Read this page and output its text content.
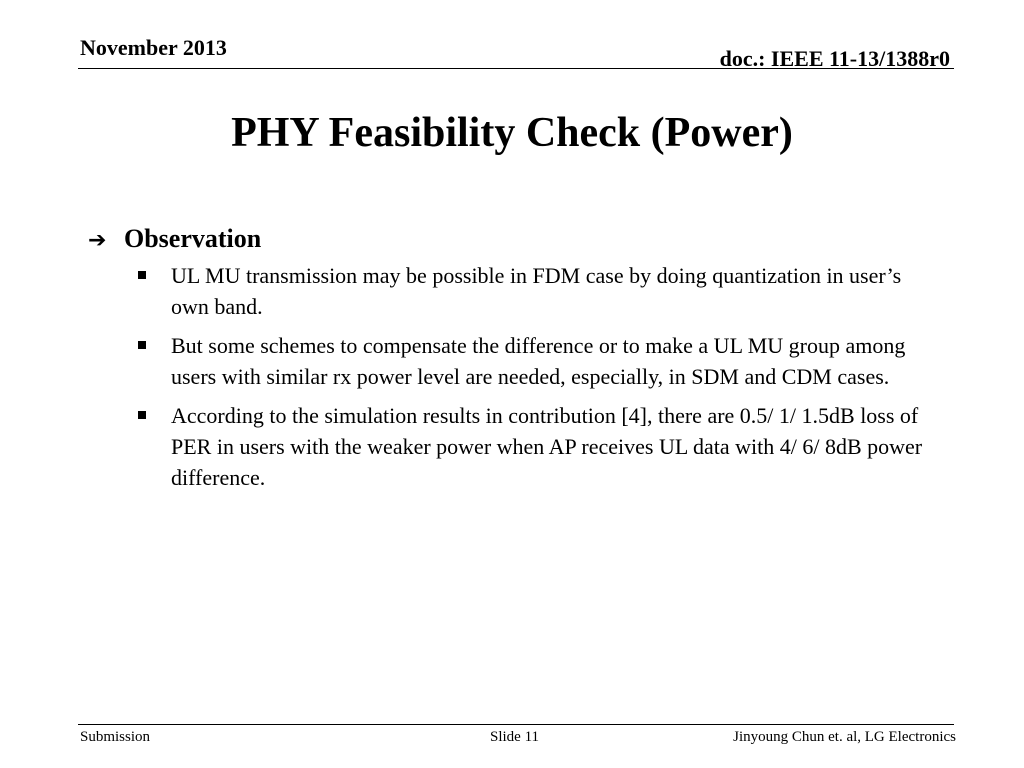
November 2013	doc.: IEEE 11-13/1388r0
PHY Feasibility Check (Power)
➔ Observation
UL MU transmission may be possible in FDM case by doing quantization in user’s own band.
But some schemes to compensate the difference or to make a UL MU group among users with similar rx power level are needed, especially, in SDM and CDM cases.
According to the simulation results in contribution [4], there are 0.5/ 1/ 1.5dB loss of PER in users with the weaker power when AP receives UL data with 4/ 6/ 8dB power difference.
Submission	Slide 11	Jinyoung Chun et. al, LG Electronics
